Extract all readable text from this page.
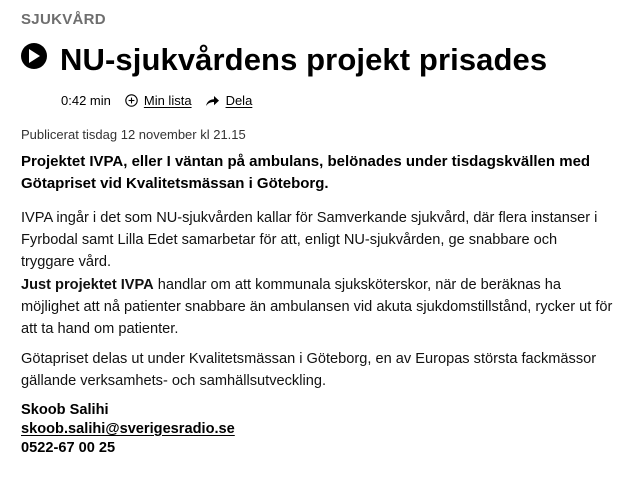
SJUKVÅRD
NU-sjukvårdens projekt prisades
0:42 min	Min lista	Dela
Publicerat tisdag 12 november kl 21.15

Projektet IVPA, eller I väntan på ambulans, belönades under tisdagskvällen med Götapriset vid Kvalitetsmässan i Göteborg.

IVPA ingår i det som NU-sjukvården kallar för Samverkande sjukvård, där flera instanser i Fyrbodal samt Lilla Edet samarbetar för att, enligt NU-sjukvården, ge snabbare och tryggare vård.

Just projektet IVPA handlar om att kommunala sjuksköterskor, när de beräknas ha möjlighet att nå patienter snabbare än ambulansen vid akuta sjukdomstillstånd, rycker ut för att ta hand om patienter.

Götapriset delas ut under Kvalitetsmässan i Göteborg, en av Europas största fackmässor gällande verksamhets- och samhällsutveckling.

Skoob Salihi
skoob.salihi@sverigesradio.se
0522-67 00 25
